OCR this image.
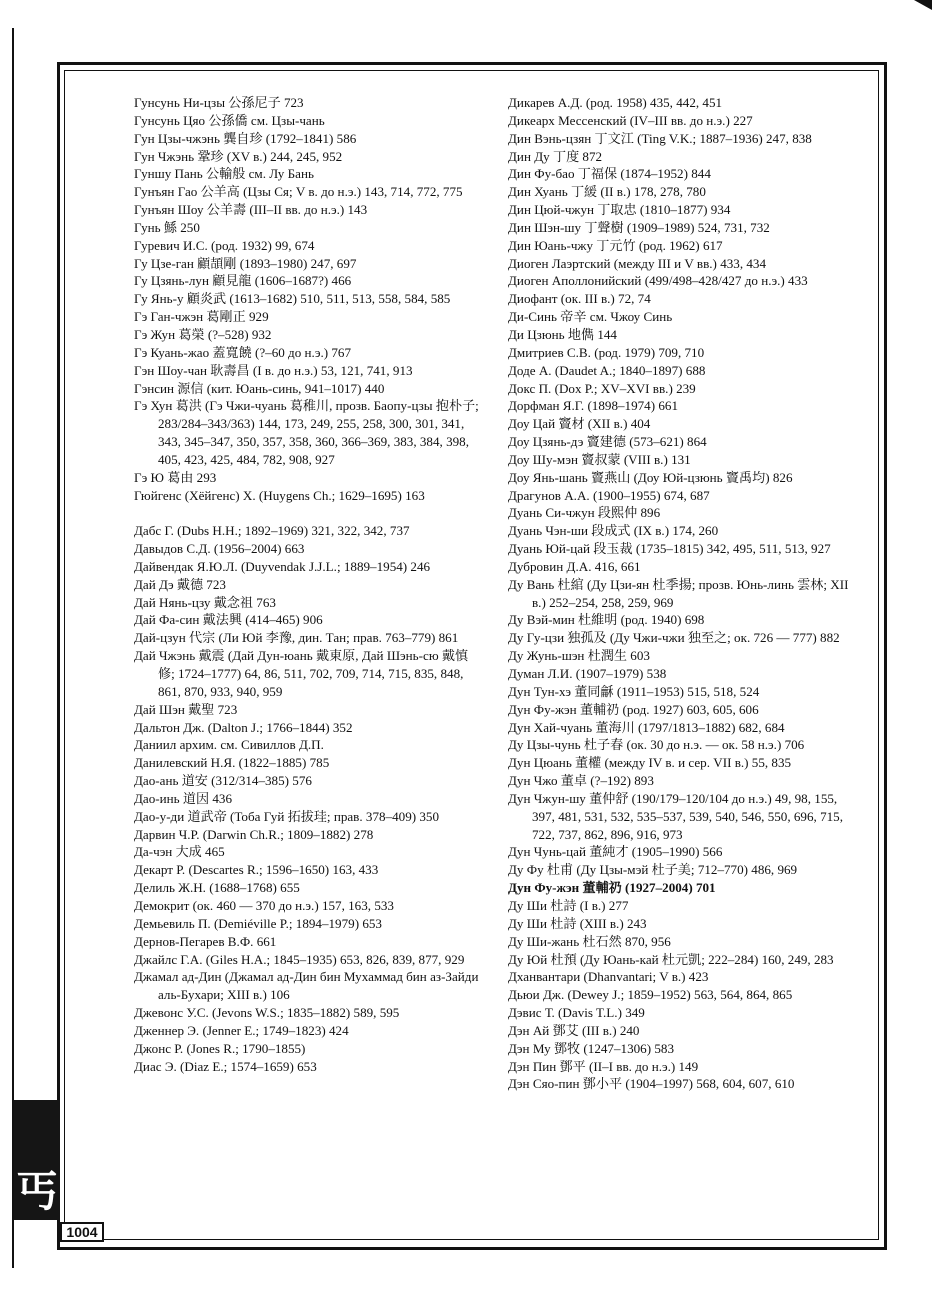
丐
1004
Гунсунь Ни-цзы 公孫尼子 723
Гунсунь Цяо 公孫僑 см. Цзы-чань
Гун Цзы-чжэнь 龔自珍 (1792–1841) 586
Гун Чжэнь 鞏珍 (XV в.) 244, 245, 952
Гуншу Пань 公輸般 см. Лу Бань
Гунъян Гао 公羊高 (Цзы Ся; V в. до н.э.) 143, 714, 772, 775
Гунъян Шоу 公羊壽 (III–II вв. до н.э.) 143
Гунь 鯀 250
Гуревич И.С. (род. 1932) 99, 674
Гу Цзе-ган 顧頡剛 (1893–1980) 247, 697
Гу Цзянь-лун 顧見龍 (1606–1687?) 466
Гу Янь-у 顧炎武 (1613–1682) 510, 511, 513, 558, 584, 585
Гэ Ган-чжэн 葛剛正 929
Гэ Жун 葛榮 (?–528) 932
Гэ Куань-жао 蓋寬饒 (?–60 до н.э.) 767
Гэн Шоу-чан 耿壽昌 (I в. до н.э.) 53, 121, 741, 913
Гэнсин 源信 (кит. Юань-синь, 941–1017) 440
Гэ Хун 葛洪 (Гэ Чжи-чуань 葛稚川, прозв. Баопу-цзы 抱朴子; 283/284–343/363) 144, 173, 249, 255, 258, 300, 301, 341, 343, 345–347, 350, 357, 358, 360, 366–369, 383, 384, 398, 405, 423, 425, 484, 782, 908, 927
Гэ Ю 葛由 293
Гюйгенс (Хёйгенс) Х. (Huygens Ch.; 1629–1695) 163
Дабс Г. (Dubs H.H.; 1892–1969) 321, 322, 342, 737
Давыдов С.Д. (1956–2004) 663
Дайвендак Я.Ю.Л. (Duyvendak J.J.L.; 1889–1954) 246
Дай Дэ 戴德 723
Дай Нянь-цзу 戴念祖 763
Дай Фа-син 戴法興 (414–465) 906
Дай-цзун 代宗 (Ли Юй 李豫, дин. Тан; прав. 763–779) 861
Дай Чжэнь 戴震 (Дай Дун-юань 戴東原, Дай Шэнь-сю 戴慎修; 1724–1777) 64, 86, 511, 702, 709, 714, 715, 835, 848, 861, 870, 933, 940, 959
Дай Шэн 戴聖 723
Дальтон Дж. (Dalton J.; 1766–1844) 352
Даниил архим. см. Сивиллов Д.П.
Данилевский Н.Я. (1822–1885) 785
Дао-ань 道安 (312/314–385) 576
Дао-инь 道因 436
Дао-у-ди 道武帝 (Тоба Гуй 拓拔珪; прав. 378–409) 350
Дарвин Ч.Р. (Darwin Ch.R.; 1809–1882) 278
Да-чэн 大成 465
Декарт Р. (Descartes R.; 1596–1650) 163, 433
Делиль Ж.Н. (1688–1768) 655
Демокрит (ок. 460 — 370 до н.э.) 157, 163, 533
Демьевиль П. (Demiéville P.; 1894–1979) 653
Дернов-Пегарев В.Ф. 661
Джайлс Г.А. (Giles H.A.; 1845–1935) 653, 826, 839, 877, 929
Джамал ад-Дин (Джамал ад-Дин бин Мухаммад бин аз-Зайди аль-Бухари; XIII в.) 106
Джевонс У.С. (Jevons W.S.; 1835–1882) 589, 595
Дженнер Э. (Jenner E.; 1749–1823) 424
Джонс Р. (Jones R.; 1790–1855)
Диас Э. (Diaz E.; 1574–1659) 653
Дикарев А.Д. (род. 1958) 435, 442, 451
Дикеарх Мессенский (IV–III вв. до н.э.) 227
Дин Вэнь-цзян 丁文江 (Ting V.K.; 1887–1936) 247, 838
Дин Ду 丁度 872
Дин Фу-бао 丁福保 (1874–1952) 844
Дин Хуань 丁緩 (II в.) 178, 278, 780
Дин Цюй-чжун 丁取忠 (1810–1877) 934
Дин Шэн-шу 丁聲樹 (1909–1989) 524, 731, 732
Дин Юань-чжу 丁元竹 (род. 1962) 617
Диоген Лаэртский (между III и V вв.) 433, 434
Диоген Аполлонийский (499/498–428/427 до н.э.) 433
Диофант (ок. III в.) 72, 74
Ди-Синь 帝辛 см. Чжоу Синь
Ди Цзюнь 地儁 144
Дмитриев С.В. (род. 1979) 709, 710
Доде А. (Daudet A.; 1840–1897) 688
Докс П. (Dox P.; XV–XVI вв.) 239
Дорфман Я.Г. (1898–1974) 661
Доу Цай 竇材 (XII в.) 404
Доу Цзянь-дэ 竇建德 (573–621) 864
Доу Шу-мэн 竇叔蒙 (VIII в.) 131
Доу Янь-шань 竇燕山 (Доу Юй-цзюнь 竇禹均) 826
Драгунов А.А. (1900–1955) 674, 687
Дуань Си-чжун 段熙仲 896
Дуань Чэн-ши 段成式 (IX в.) 174, 260
Дуань Юй-цай 段玉裁 (1735–1815) 342, 495, 511, 513, 927
Дубровин Д.А. 416, 661
Ду Вань 杜綰 (Ду Цзи-ян 杜季揚; прозв. Юнь-линь 雲林; XII в.) 252–254, 258, 259, 969
Ду Вэй-мин 杜維明 (род. 1940) 698
Ду Гу-цзи 独孤及 (Ду Чжи-чжи 独至之; ок. 726 — 777) 882
Ду Жунь-шэн 杜潤生 603
Думан Л.И. (1907–1979) 538
Дун Тун-хэ 董同龢 (1911–1953) 515, 518, 524
Дун Фу-жэн 董輔礽 (род. 1927) 603, 605, 606
Дун Хай-чуань 董海川 (1797/1813–1882) 682, 684
Ду Цзы-чунь 杜子春 (ок. 30 до н.э. — ок. 58 н.э.) 706
Дун Цюань 董權 (между IV в. и сер. VII в.) 55, 835
Дун Чжо 董卓 (?–192) 893
Дун Чжун-шу 董仲舒 (190/179–120/104 до н.э.) 49, 98, 155, 397, 481, 531, 532, 535–537, 539, 540, 546, 550, 696, 715, 722, 737, 862, 896, 916, 973
Дун Чунь-цай 董純才 (1905–1990) 566
Ду Фу 杜甫 (Ду Цзы-мэй 杜子美; 712–770) 486, 969
Дун Фу-жэн 董輔礽 (1927–2004) 701
Ду Ши 杜詩 (I в.) 277
Ду Ши 杜詩 (XIII в.) 243
Ду Ши-жань 杜石然 870, 956
Ду Юй 杜預 (Ду Юань-кай 杜元凱; 222–284) 160, 249, 283
Дханвантари (Dhanvantari; V в.) 423
Дьюи Дж. (Dewey J.; 1859–1952) 563, 564, 864, 865
Дэвис Т. (Davis T.L.) 349
Дэн Ай 鄧艾 (III в.) 240
Дэн Му 鄧牧 (1247–1306) 583
Дэн Пин 鄧平 (II–I вв. до н.э.) 149
Дэн Сяо-пин 鄧小平 (1904–1997) 568, 604, 607, 610
